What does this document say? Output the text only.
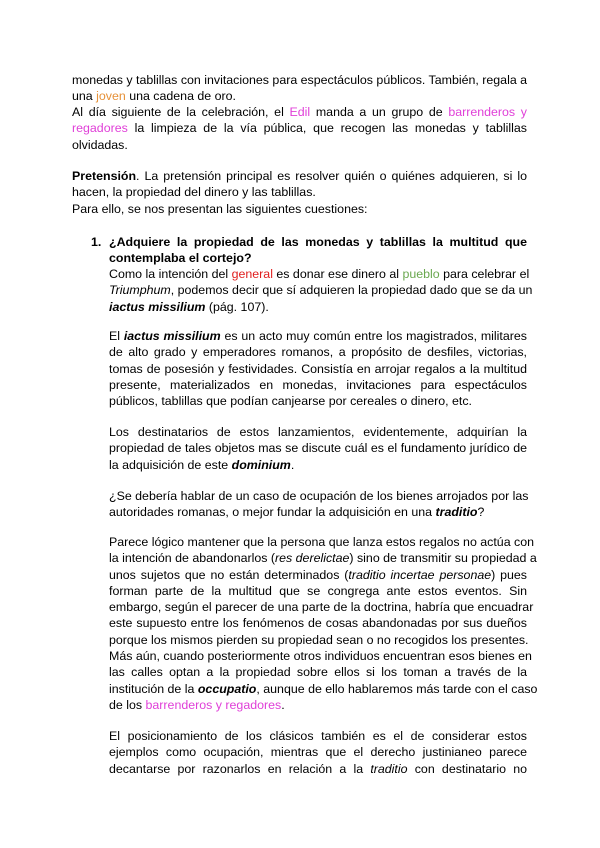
monedas y tablillas con invitaciones para espectáculos públicos. También, regala a
una joven una cadena de oro.
Al día siguiente de la celebración, el Edil manda a un grupo de barrenderos y
regadores la limpieza de la vía pública, que recogen las monedas y tablillas
olvidadas.
Pretensión. La pretensión principal es resolver quién o quiénes adquieren, si lo
hacen, la propiedad del dinero y las tablillas.
Para ello, se nos presentan las siguientes cuestiones:
1. ¿Adquiere la propiedad de las monedas y tablillas la multitud que
contemplaba el cortejo?
Como la intención del general es donar ese dinero al pueblo para celebrar el
Triumphum, podemos decir que sí adquieren la propiedad dado que se da un
iactus missilium (pág. 107).
El iactus missilium es un acto muy común entre los magistrados, militares
de alto grado y emperadores romanos, a propósito de desfiles, victorias,
tomas de posesión y festividades. Consistía en arrojar regalos a la multitud
presente, materializados en monedas, invitaciones para espectáculos
públicos, tablillas que podían canjearse por cereales o dinero, etc.
Los destinatarios de estos lanzamientos, evidentemente, adquirían la
propiedad de tales objetos mas se discute cuál es el fundamento jurídico de
la adquisición de este dominium.
¿Se debería hablar de un caso de ocupación de los bienes arrojados por las
autoridades romanas, o mejor fundar la adquisición en una traditio?
Parece lógico mantener que la persona que lanza estos regalos no actúa con
la intención de abandonarlos (res derelictae) sino de transmitir su propiedad a
unos sujetos que no están determinados (traditio incertae personae) pues
forman parte de la multitud que se congrega ante estos eventos. Sin
embargo, según el parecer de una parte de la doctrina, habría que encuadrar
este supuesto entre los fenómenos de cosas abandonadas por sus dueños
porque los mismos pierden su propiedad sean o no recogidos los presentes.
Más aún, cuando posteriormente otros individuos encuentran esos bienes en
las calles optan a la propiedad sobre ellos si los toman a través de la
institución de la occupatio, aunque de ello hablaremos más tarde con el caso
de los barrenderos y regadores.
El posicionamiento de los clásicos también es el de considerar estos
ejemplos como ocupación, mientras que el derecho justinianeo parece
decantarse por razonarlos en relación a la traditio con destinatario no
